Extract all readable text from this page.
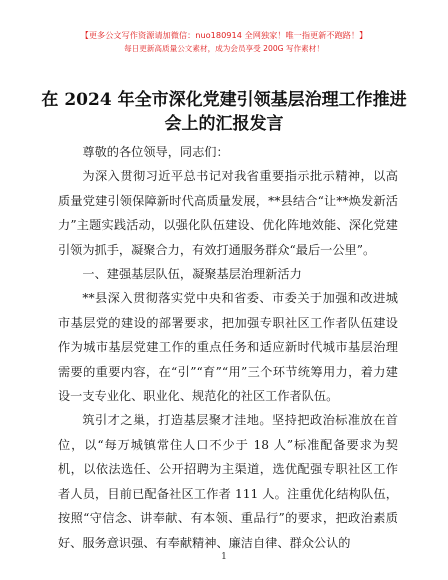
【更多公文写作资源请加微信：nuo180914 全网独家！唯一指更新不跑路！】
每日更新高质量公文素材，成为会员享受 200G 写作素材！
在 2024 年全市深化党建引领基层治理工作推进会上的汇报发言

尊敬的各位领导，同志们：

为深入贯彻习近平总书记对我省重要指示批示精神，以高质量党建引领保障新时代高质量发展，**县结合“让**焕发新活力”主题实践活动，以强化队伍建设、优化阵地效能、深化党建引领为抓手，凝聚合力，有效打通服务群众“最后一公里”。

一、建强基层队伍，凝聚基层治理新活力

**县深入贯彻落实党中央和省委、市委关于加强和改进城市基层党的建设的部署要求，把加强专职社区工作者队伍建设作为城市基层党建工作的重点任务和适应新时代城市基层治理需要的重要内容，在“引”“育”“用”三个环节统筹用力，着力建设一支专业化、职业化、规范化的社区工作者队伍。

筑引才之巢，打造基层聚才洼地。坚持把政治标准放在首位，以“每万城镇常住人口不少于 18 人”标准配备要求为契机，以依法选任、公开招聘为主渠道，选优配强专职社区工作者人员，目前已配备社区工作者 111 人。注重优化结构队伍，按照“守信念、讲奉献、有本领、重品行”的要求，把政治素质好、服务意识强、有奉献精神、廉洁自律、群众公认的

1
